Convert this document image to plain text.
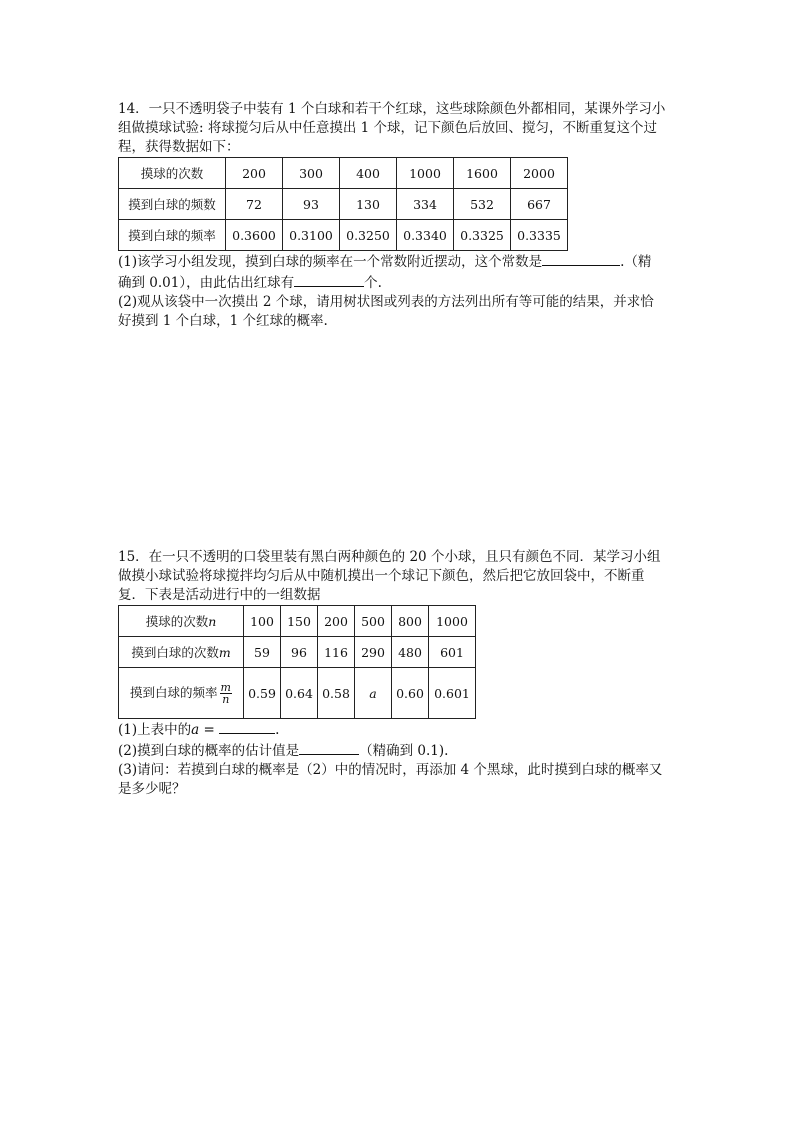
14．一只不透明袋子中装有 1 个白球和若干个红球，这些球除颜色外都相同，某课外学习小

组做摸球试验: 将球搅匀后从中任意摸出 1 个球，记下颜色后放回、搅匀，不断重复这个过

程，获得数据如下：

摸球的次数	200	300	400	1000	1600	2000
摸到白球的频数	72	93	130	334	532	667
摸到白球的频率	0.3600	0.3100	0.3250	0.3340	0.3325	0.3335

(1)该学习小组发现，摸到白球的频率在一个常数附近摆动，这个常数是	.（精

确到 0.01），由此估出红球有	个.

(2)观从该袋中一次摸出 2 个球，请用树状图或列表的方法列出所有等可能的结果，并求恰

好摸到 1 个白球，1 个红球的概率.

15．在一只不透明的口袋里装有黑白两种颜色的 20 个小球，且只有颜色不同．某学习小组

做摸小球试验将球搅拌均匀后从中随机摸出一个球记下颜色，然后把它放回袋中，不断重

复．下表是活动进行中的一组数据

摸球的次数n	100	150	200	500	800	1000
摸到白球的次数m	59	96	116	290	480	601
摸到白球的频率 $\frac{m}{n}$	0.59	0.64	0.58	a	0.60	0.601

(1)上表中的a =	.

(2)摸到白球的概率的估计值是	（精确到 0.1).

(3)请问：若摸到白球的概率是（2）中的情况时，再添加 4 个黑球，此时摸到白球的概率又

是多少呢？
